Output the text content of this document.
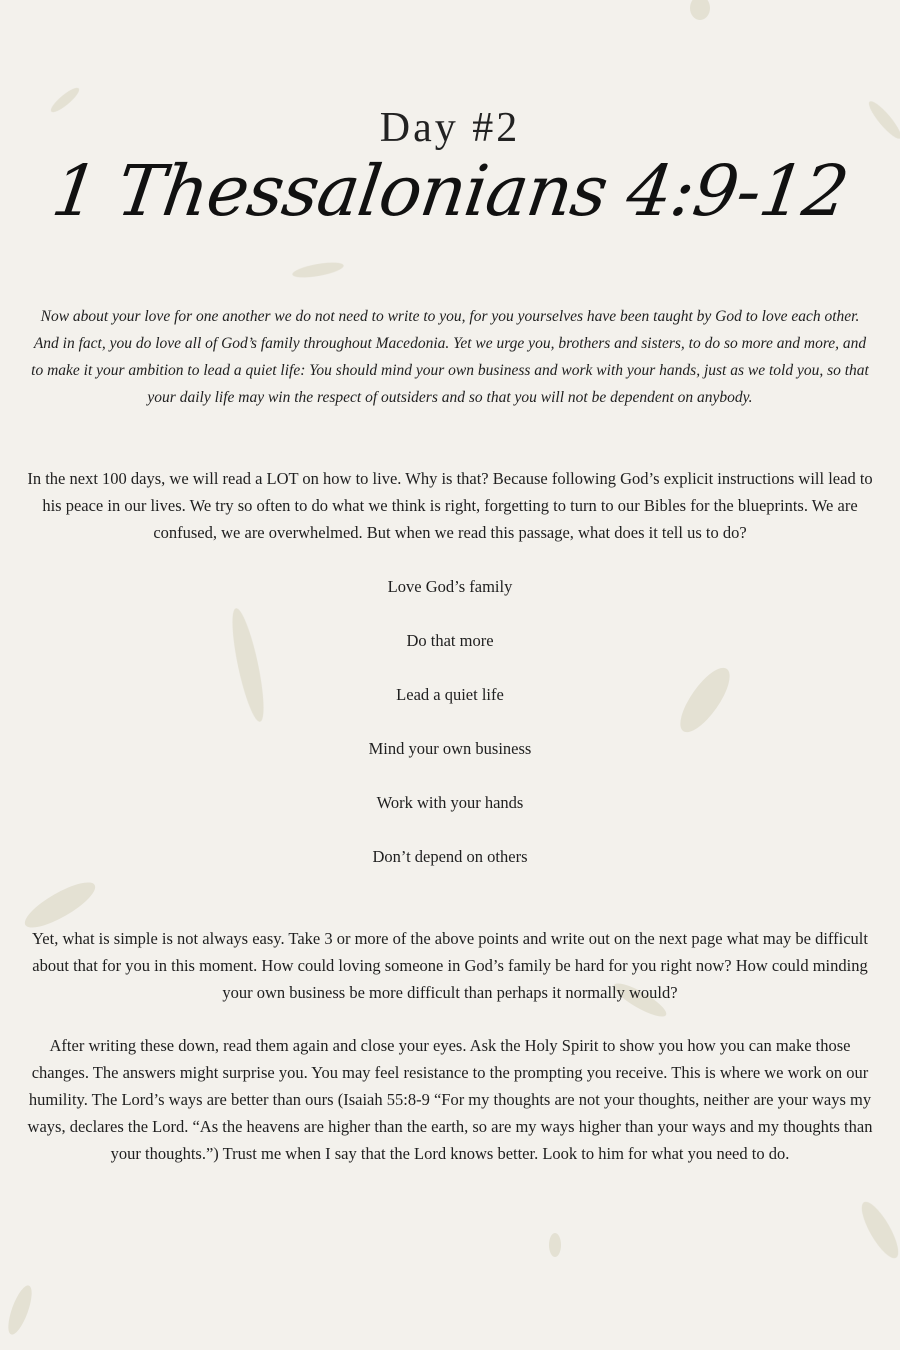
Day #2
1 Thessalonians 4:9-12
Now about your love for one another we do not need to write to you, for you yourselves have been taught by God to love each other. And in fact, you do love all of God’s family throughout Macedonia. Yet we urge you, brothers and sisters, to do so more and more, and to make it your ambition to lead a quiet life: You should mind your own business and work with your hands, just as we told you, so that your daily life may win the respect of outsiders and so that you will not be dependent on anybody.
In the next 100 days, we will read a LOT on how to live. Why is that? Because following God’s explicit instructions will lead to his peace in our lives. We try so often to do what we think is right, forgetting to turn to our Bibles for the blueprints. We are confused, we are overwhelmed. But when we read this passage, what does it tell us to do?
Love God’s family
Do that more
Lead a quiet life
Mind your own business
Work with your hands
Don’t depend on others
Yet, what is simple is not always easy. Take 3 or more of the above points and write out on the next page what may be difficult about that for you in this moment. How could loving someone in God’s family be hard for you right now? How could minding your own business be more difficult than perhaps it normally would?
After writing these down, read them again and close your eyes. Ask the Holy Spirit to show you how you can make those changes. The answers might surprise you. You may feel resistance to the prompting you receive. This is where we work on our humility. The Lord’s ways are better than ours (Isaiah 55:8-9 “For my thoughts are not your thoughts, neither are your ways my ways, declares the Lord. “As the heavens are higher than the earth, so are my ways higher than your ways and my thoughts than your thoughts.”) Trust me when I say that the Lord knows better. Look to him for what you need to do.
